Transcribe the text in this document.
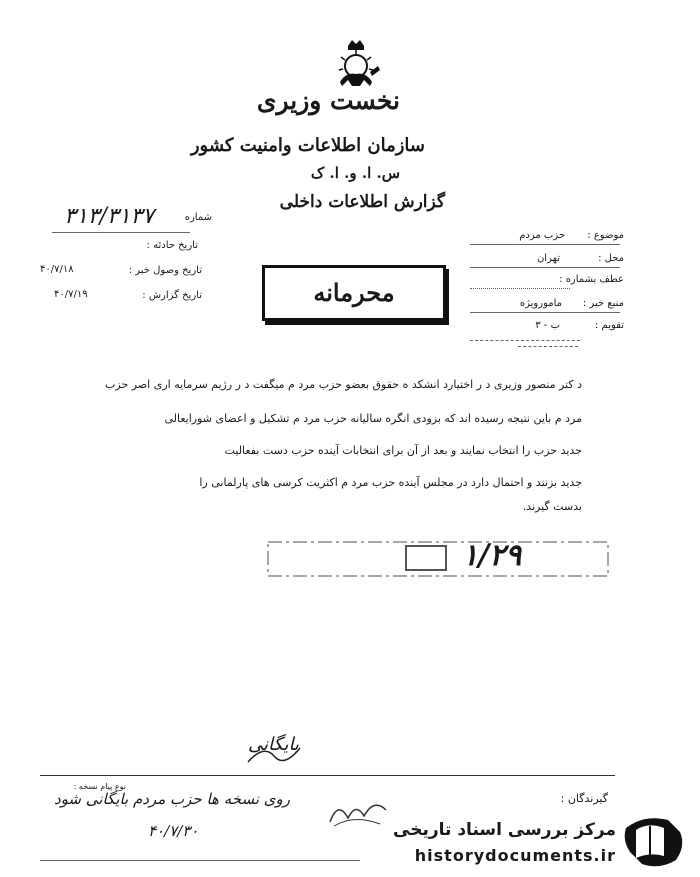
نخست وزیری
سازمان اطلاعات وامنیت کشور
س. ا. و. ا. ک
گزارش اطلاعات داخلی
شماره
۳۱۳/۳۱۳۷
تاریخ حادثه :
تاریخ وصول خبر :
۴۰/۷/۱۸
تاریخ گزارش :
۴۰/۷/۱۹
موضوع :
حزب مردم
محل :
تهران
عطف بشماره :
منبع خبر :
مامورویژه
تقویم :
ب - ۳
محرمانه
د کتر منصور وزیری د ر اختیارد انشکد ه حقوق بعضو حزب مرد م میگفت د ر رژیم سرمایه اری اصر حزب
مرد م باین نتیجه رسیده اند که بزودی انگره سالیانه حزب مرد م تشکیل و اعضای شورایعالی
جدید حزب را انتخاب نمایند و بعد از آن برای انتخابات آینده حزب دست بفعالیت
جدید بزنند و احتمال دارد در مجلس آینده حزب مرد م اکثریت کرسی های پارلمانی را
بدست گیرند.
۱/۲۹
بایگانی
گیرندگان :
نوع پیام نسخه :
روی نسخه ها حزب مردم بایگانی شود
۴۰/۷/۳۰	مرکز بررسی اسناد تاریخی
historydocuments.ir
